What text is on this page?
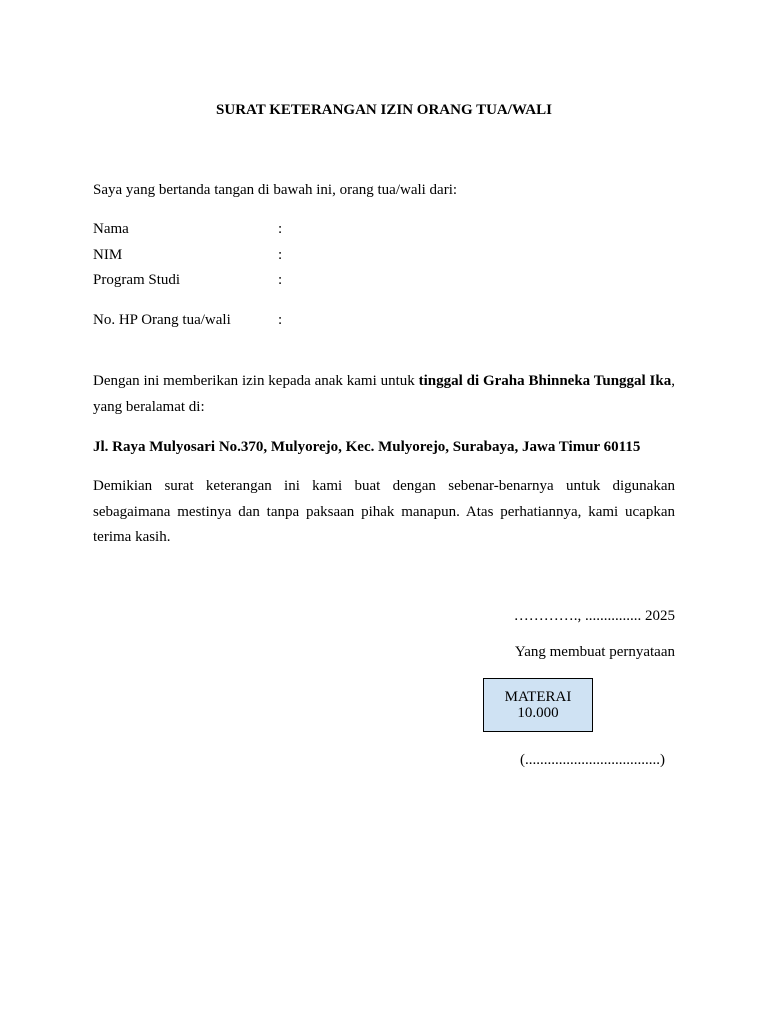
SURAT KETERANGAN IZIN ORANG TUA/WALI
Saya yang bertanda tangan di bawah ini, orang tua/wali dari:
Nama	:
NIM	:
Program Studi	:
No. HP Orang tua/wali	:
Dengan ini memberikan izin kepada anak kami untuk tinggal di Graha Bhinneka Tunggal Ika, yang beralamat di:
Jl. Raya Mulyosari No.370, Mulyorejo, Kec. Mulyorejo, Surabaya, Jawa Timur 60115
Demikian surat keterangan ini kami buat dengan sebenar-benarnya untuk digunakan sebagaimana mestinya dan tanpa paksaan pihak manapun. Atas perhatiannya, kami ucapkan terima kasih.
…………., ............... 2025
Yang membuat pernyataan
MATERAI
10.000
(....................................)
